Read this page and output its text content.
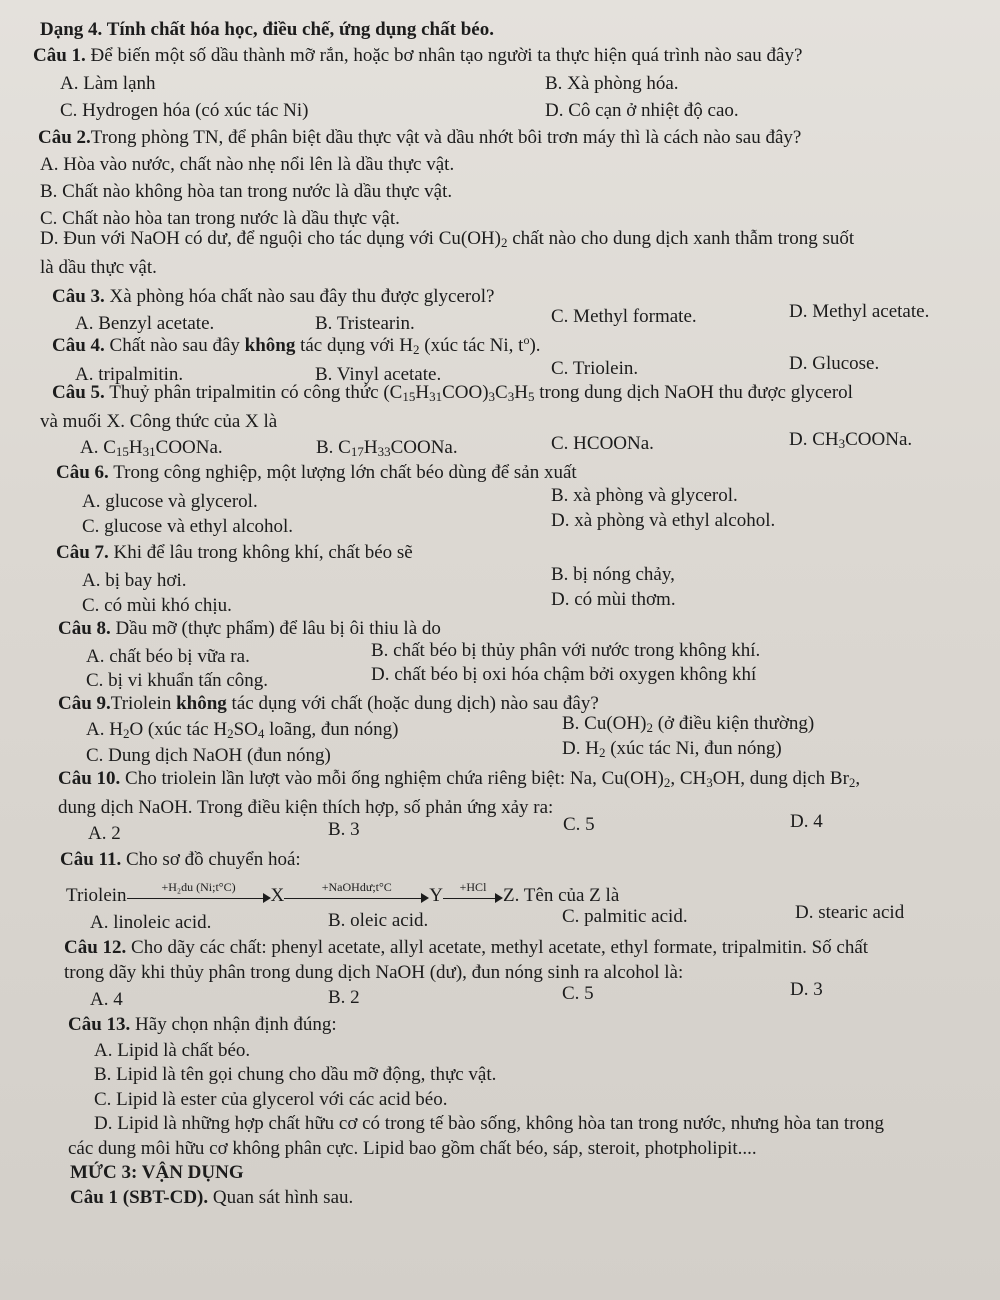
Dạng 4. Tính chất hóa học, điều chế, ứng dụng chất béo.
Câu 1. Để biến một số dầu thành mỡ rắn, hoặc bơ nhân tạo người ta thực hiện quá trình nào sau đây?
A. Làm lạnh	B. Xà phòng hóa.
C. Hydrogen hóa (có xúc tác Ni)	D. Cô cạn ở nhiệt độ cao.
Câu 2.Trong phòng TN, để phân biệt dầu thực vật và dầu nhớt bôi trơn máy thì là cách nào sau đây?
A. Hòa vào nước, chất nào nhẹ nổi lên là dầu thực vật.
B. Chất nào không hòa tan trong nước là dầu thực vật.
C. Chất nào hòa tan trong nước là dầu thực vật.
D. Đun với NaOH có dư, để nguội cho tác dụng với $Cu(OH)_2$ chất nào cho dung dịch xanh thẫm trong suốt
là dầu thực vật.
Câu 3. Xà phòng hóa chất nào sau đây thu được glycerol?
A. Benzyl acetate.	B. Tristearin.	C. Methyl formate.	D. Methyl acetate.
Câu 4. Chất nào sau đây không tác dụng với $H_2$ (xúc tác Ni, $t^o$).
A. tripalmitin.	B. Vinyl acetate.	C. Triolein.	D. Glucose.
Câu 5. Thuỷ phân tripalmitin có công thức $(C_{15}H_{31}COO)_3C_3H_5$ trong dung dịch NaOH thu được glycerol
và muối X. Công thức của X là
A. $C_{15}H_{31}COONa$.	B. $C_{17}H_{33}COONa$.	C. HCOONa.	D. $CH_3COONa$.
Câu 6. Trong công nghiệp, một lượng lớn chất béo dùng để sản xuất
A. glucose và glycerol.	B. xà phòng và glycerol.
C. glucose và ethyl alcohol.	D. xà phòng và ethyl alcohol.
Câu 7. Khi để lâu trong không khí, chất béo sẽ
A. bị bay hơi.	B. bị nóng chảy,
C. có mùi khó chịu.	D. có mùi thơm.
Câu 8. Dầu mỡ (thực phẩm) để lâu bị ôi thiu là do
A. chất béo bị vữa ra.	B. chất béo bị thủy phân với nước trong không khí.
C. bị vi khuẩn tấn công.	D. chất béo bị oxi hóa chậm bởi oxygen không khí
Câu 9.Triolein không tác dụng với chất (hoặc dung dịch) nào sau đây?
A. $H_2O$ (xúc tác $H_2SO_4$ loãng, đun nóng)	B. $Cu(OH)_2$ (ở điều kiện thường)
C. Dung dịch NaOH (đun nóng)	D. $H_2$ (xúc tác Ni, đun nóng)
Câu 10. Cho triolein lần lượt vào mỗi ống nghiệm chứa riêng biệt: Na, $Cu(OH)_2$, $CH_3OH$, dung dịch $Br_2$,
dung dịch NaOH. Trong điều kiện thích hợp, số phản ứng xảy ra:
A. 2	B. 3	C. 5	D. 4
Câu 11. Cho sơ đồ chuyển hoá:
Triolein	+H₂du (Ni;t°C)	X	+NaOHdư;t°C	Y	+HCl Z. Tên của Z là
A. linoleic acid.	B. oleic acid.	C. palmitic acid.	D. stearic acid
Câu 12. Cho dãy các chất: phenyl acetate, allyl acetate, methyl acetate, ethyl formate, tripalmitin. Số chất
trong dãy khi thủy phân trong dung dịch NaOH (dư), đun nóng sinh ra alcohol là:
A. 4	B. 2	C. 5	D. 3
Câu 13. Hãy chọn nhận định đúng:
A. Lipid là chất béo.
B. Lipid là tên gọi chung cho dầu mỡ động, thực vật.
C. Lipid là ester của glycerol với các acid béo.
D. Lipid là những hợp chất hữu cơ có trong tế bào sống, không hòa tan trong nước, nhưng hòa tan trong
các dung môi hữu cơ không phân cực. Lipid bao gồm chất béo, sáp, steroit, photpholipit....
MỨC 3: VẬN DỤNG
Câu 1 (SBT-CD). Quan sát hình sau.
